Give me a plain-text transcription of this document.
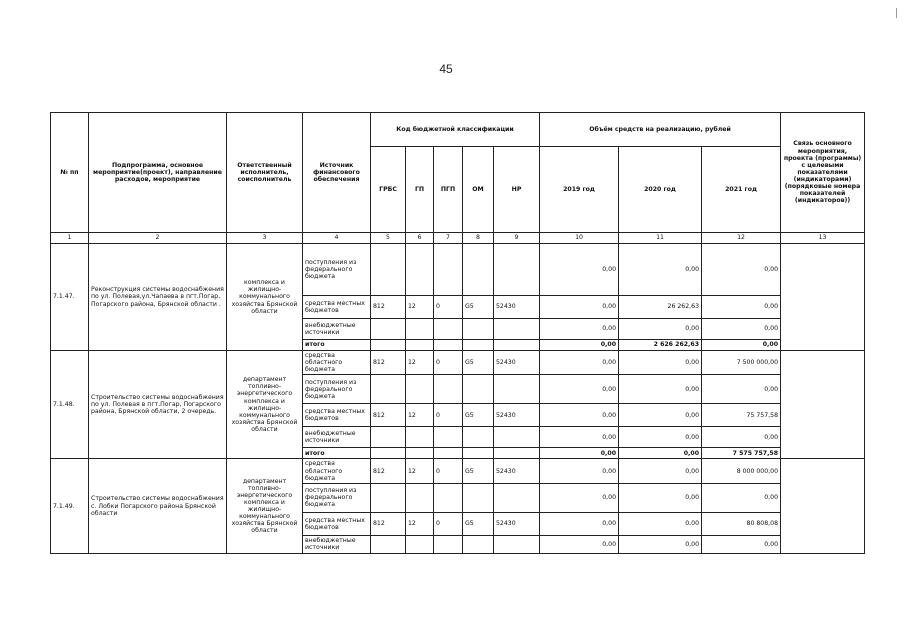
45
№ пп	Подпрограмма, основное мероприятие(проект), направление расходов, мероприятие	Ответственный исполнитель, соисполнитель	Источник финансового обеспечения	Код бюджетной классификации					Объём средств на реализацию, рублей			Связь основного мероприятия, проекта (программы) с целевыми показателями (индикаторами) (порядковые номера показателей (индикаторов))
				ГРБС	ГП	ПГП	ОМ	НР	2019 год	2020 год	2021 год	
1	2	3	4	5	6	7	8	9	10	11	12	13
7.1.47.	Реконструкция системы водоснабжения по ул. Полевая,ул.Чапаева в пгт.Погар, Погарского района, Брянской области .	комплекса и жилищно-коммунального хозяйства Брянской области	поступления из федерального бюджета						0,00	0,00	0,00	
			средства местных бюджетов	812	12	0	G5	52430	0,00	26 262,63	0,00	
			внебюджетные источники						0,00	0,00	0,00	
			итого						0,00	2 626 262,63	0,00	
7.1.48.	Строительство системы водоснабжения по ул. Полевая в пгт.Погар, Погарского района, Брянской области, 2 очередь.	департамент топливно-энергетического комплекса и жилищно-коммунального хозяйства Брянской области	средства областного бюджета	812	12	0	G5	52430	0,00	0,00	7 500 000,00	
			поступления из федерального бюджета						0,00	0,00	0,00	
			средства местных бюджетов	812	12	0	G5	52430	0,00	0,00	75 757,58	
			внебюджетные источники						0,00	0,00	0,00	
			итого						0,00	0,00	7 575 757,58	
7.1.49.	Строительство системы водоснабжения с. Лобки Погарского района Брянской области	департамент топливно-энергетического комплекса и жилищно-коммунального хозяйства Брянской области	средства областного бюджета	812	12	0	G5	52430	0,00	0,00	8 000 000,00	
			поступления из федерального бюджета						0,00	0,00	0,00	
			средства местных бюджетов	812	12	0	G5	52430	0,00	0,00	80 808,08	
			внебюджетные источники						0,00	0,00	0,00	
